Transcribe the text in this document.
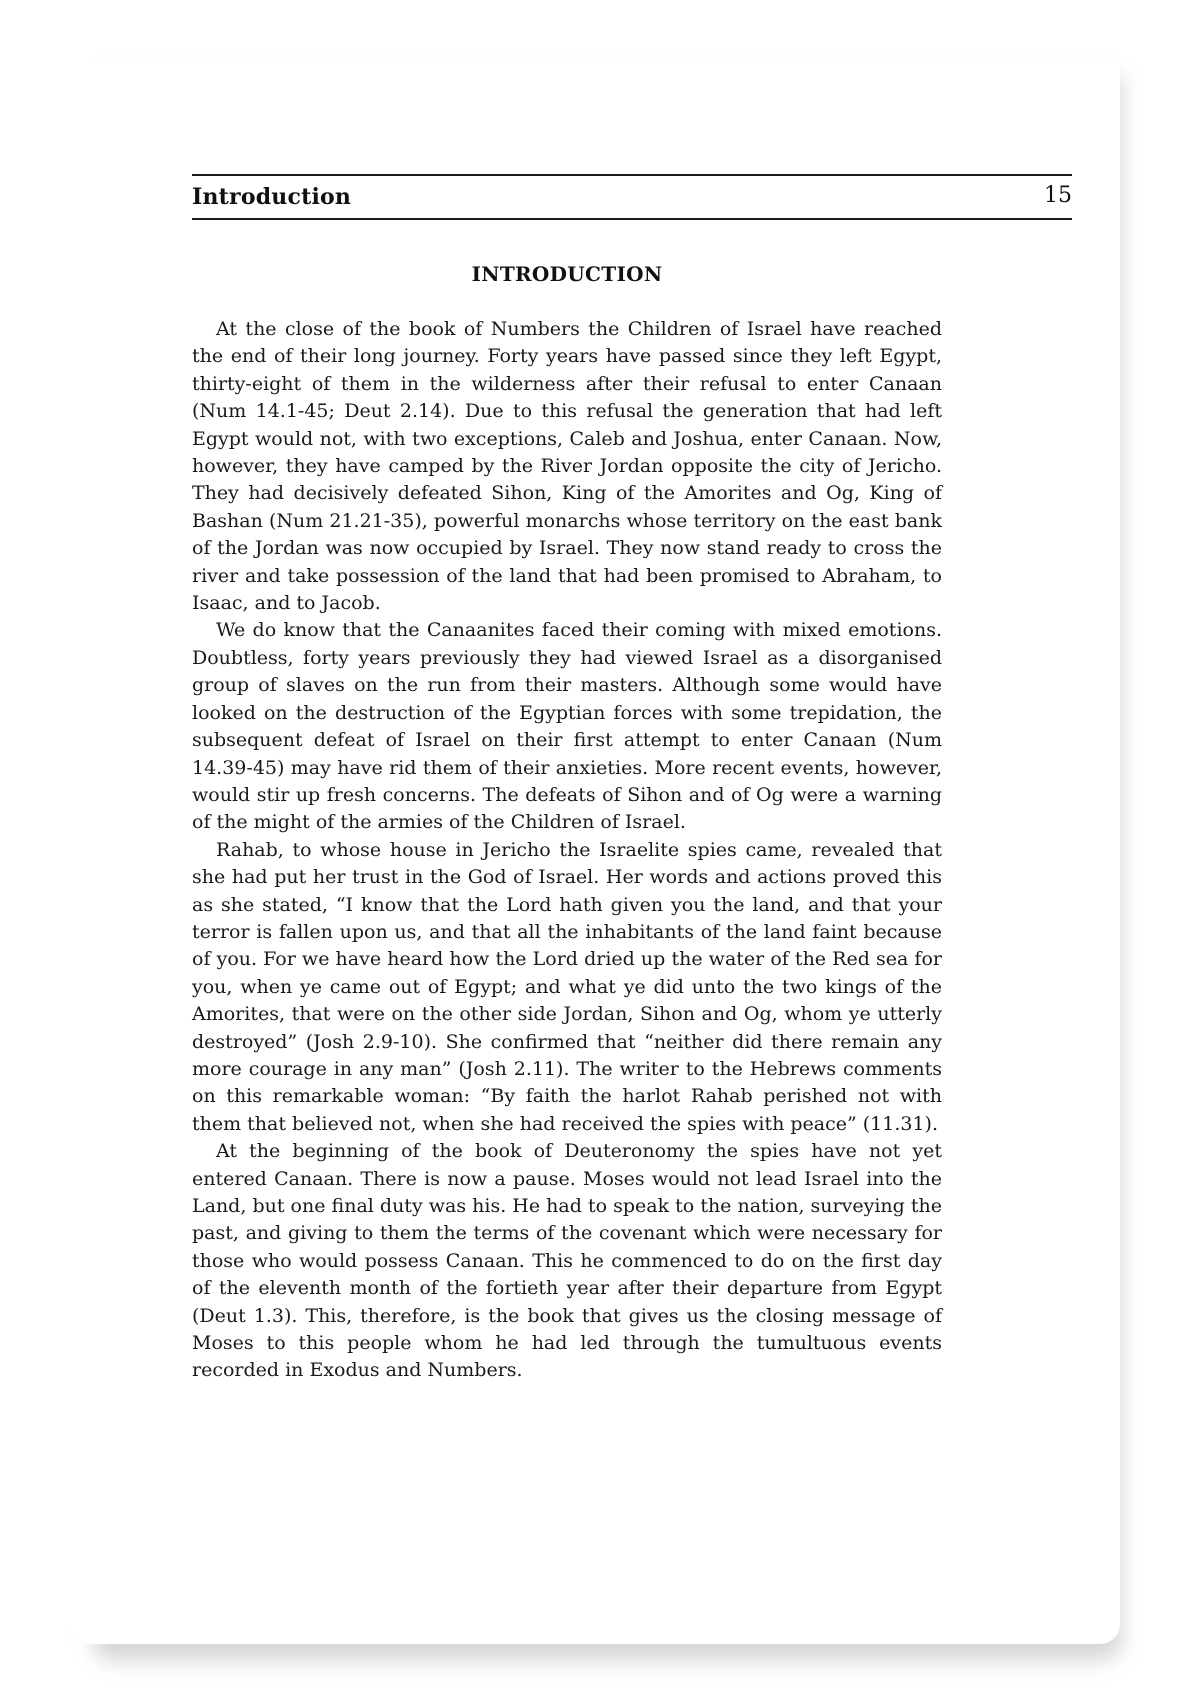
Introduction	15
INTRODUCTION

At the close of the book of Numbers the Children of Israel have reached the end of their long journey. Forty years have passed since they left Egypt, thirty-eight of them in the wilderness after their refusal to enter Canaan (Num 14.1-45; Deut 2.14). Due to this refusal the generation that had left Egypt would not, with two exceptions, Caleb and Joshua, enter Canaan. Now, however, they have camped by the River Jordan opposite the city of Jericho. They had decisively defeated Sihon, King of the Amorites and Og, King of Bashan (Num 21.21-35), powerful monarchs whose territory on the east bank of the Jordan was now occupied by Israel. They now stand ready to cross the river and take possession of the land that had been promised to Abraham, to Isaac, and to Jacob.

We do know that the Canaanites faced their coming with mixed emotions. Doubtless, forty years previously they had viewed Israel as a disorganised group of slaves on the run from their masters. Although some would have looked on the destruction of the Egyptian forces with some trepidation, the subsequent defeat of Israel on their first attempt to enter Canaan (Num 14.39-45) may have rid them of their anxieties. More recent events, however, would stir up fresh concerns. The defeats of Sihon and of Og were a warning of the might of the armies of the Children of Israel.

Rahab, to whose house in Jericho the Israelite spies came, revealed that she had put her trust in the God of Israel. Her words and actions proved this as she stated, “I know that the Lord hath given you the land, and that your terror is fallen upon us, and that all the inhabitants of the land faint because of you. For we have heard how the Lord dried up the water of the Red sea for you, when ye came out of Egypt; and what ye did unto the two kings of the Amorites, that were on the other side Jordan, Sihon and Og, whom ye utterly destroyed” (Josh 2.9-10). She confirmed that “neither did there remain any more courage in any man” (Josh 2.11). The writer to the Hebrews comments on this remarkable woman: “By faith the harlot Rahab perished not with them that believed not, when she had received the spies with peace” (11.31).

At the beginning of the book of Deuteronomy the spies have not yet entered Canaan. There is now a pause. Moses would not lead Israel into the Land, but one final duty was his. He had to speak to the nation, surveying the past, and giving to them the terms of the covenant which were necessary for those who would possess Canaan. This he commenced to do on the first day of the eleventh month of the fortieth year after their departure from Egypt (Deut 1.3). This, therefore, is the book that gives us the closing message of Moses to this people whom he had led through the tumultuous events recorded in Exodus and Numbers.
